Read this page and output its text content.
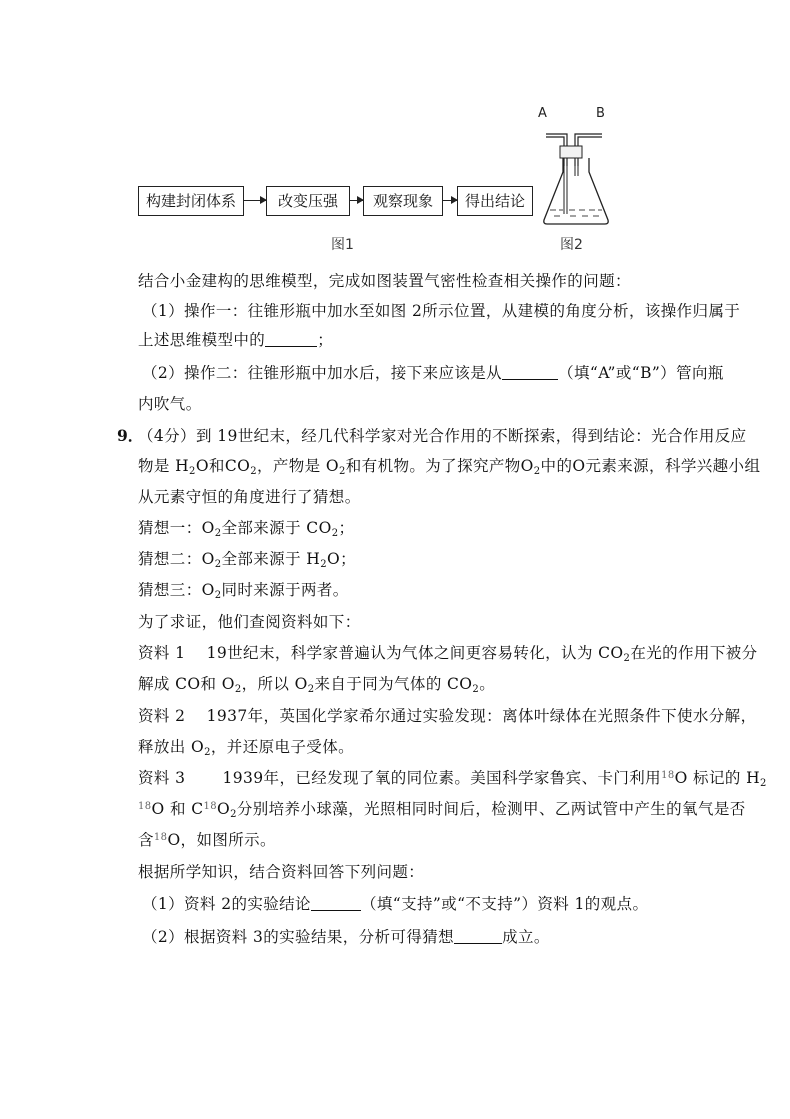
构建封闭体系	改变压强	观察现象	得出结论
图1
A	B
图2
结合小金建构的思维模型，完成如图装置气密性检查相关操作的问题：
（1）操作一：往锥形瓶中加水至如图 2所示位置，从建模的角度分析，该操作归属于
上述思维模型中的	；
（2）操作二：往锥形瓶中加水后，接下来应该是从	（填“A”或“B”）管向瓶
内吹气。
9．
（4分）到 19世纪末，经几代科学家对光合作用的不断探索，得到结论：光合作用反应
物是 $H_2O$和$CO_2$，产物是 $O_2$和有机物。为了探究产物$O_2$中的O元素来源，科学兴趣小组
从元素守恒的角度进行了猜想。
猜想一：$O_2$全部来源于 $CO_2$；
猜想二：$O_2$全部来源于 $H_2O$；
猜想三：$O_2$同时来源于两者。
为了求证，他们查阅资料如下：
资料 1　 19世纪末，科学家普遍认为气体之间更容易转化，认为 $CO_2$在光的作用下被分
解成 CO和 $O_2$，所以 $O_2$来自于同为气体的 $CO_2$。
资料 2　 1937年，英国化学家希尔通过实验发现：离体叶绿体在光照条件下使水分解，
释放出 $O_2$，并还原电子受体。
资料 3　　 1939年，已经发现了氧的同位素。美国科学家鲁宾、卡门利用$^{18}$O 标记的 $H_2$
$^{18}$O 和 $C^{18}O_2$分别培养小球藻，光照相同时间后，检测甲、乙两试管中产生的氧气是否
含$^{18}$O，如图所示。
根据所学知识，结合资料回答下列问题：
（1）资料 2的实验结论	（填“支持”或“不支持”）资料 1的观点。
（2）根据资料 3的实验结果，分析可得猜想	成立。
